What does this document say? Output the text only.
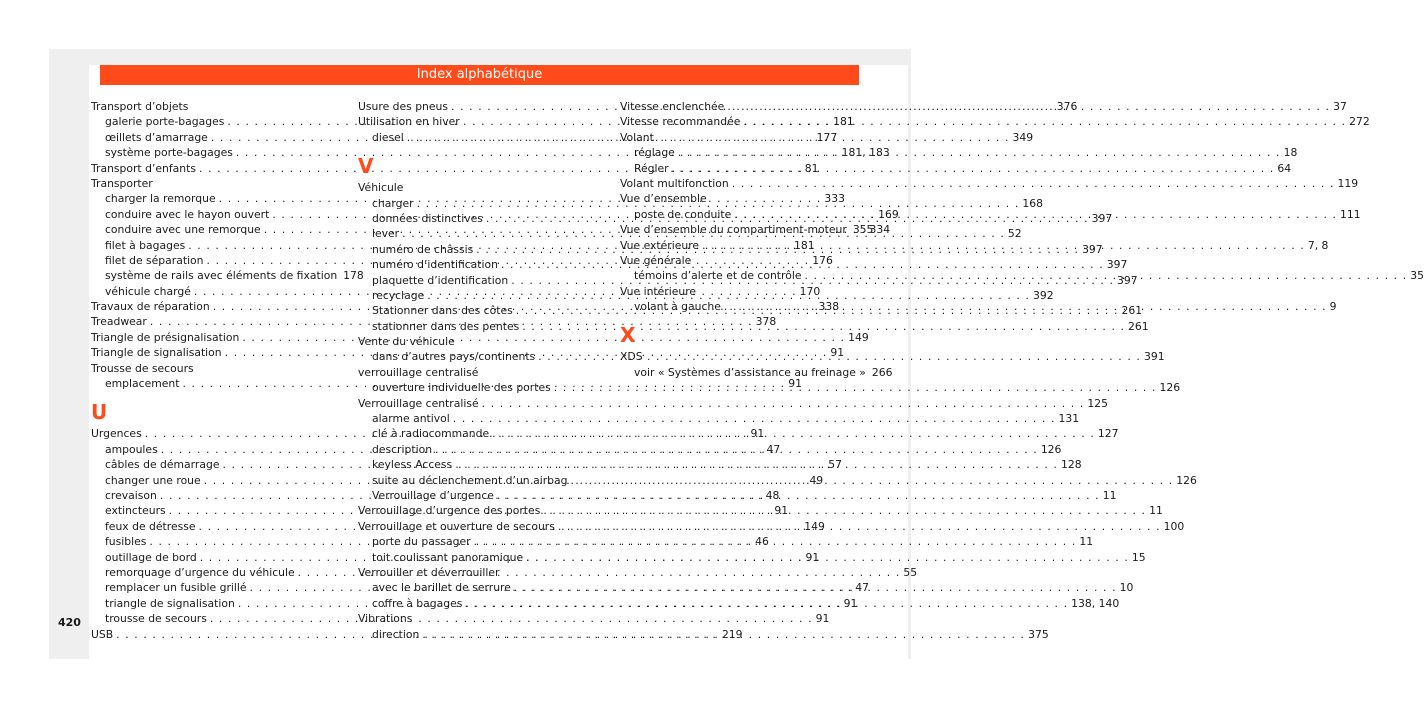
Index alphabétique
Transport d’objets
galerie porte-bagages . . .	181
œillets d’amarrage . . .	177
système porte-bagages . . .	181, 183
Transport d’enfants . . .	81
Transporter
charger la remorque . . .	333
conduire avec le hayon ouvert . . .	169
conduire avec une remorque . . .	334
filet à bagages . . .	181
filet de séparation . . .	176
système de rails avec éléments de fixation 178
véhicule chargé . . .	170
Travaux de réparation . . .	338
Treadwear . . .	378
Triangle de présignalisation . . .	149
Triangle de signalisation . . .	91
Trousse de secours
emplacement . . .	91
U
Urgences . . .	91
ampoules . . .	47
câbles de démarrage . . .	57
changer une roue . . .	49
crevaison . . .	48
extincteurs . . .	91
feux de détresse . . .	149
fusibles . . .	46
outillage de bord . . .	91
remorquage d’urgence du véhicule . . .	55
remplacer un fusible grillé . . .	47
triangle de signalisation . . .	91
trousse de secours . . .	91
USB . . .	219
Usure des pneus . . .	376
Utilisation en hiver
diesel . . .	349
V
Véhicule
charger . . .	168
données distinctives . . .	397
lever . . .	52
numéro de châssis . . .	397
numéro d’identification . . .	397
plaquette d’identification . . .	397
recyclage . . .	392
Stationner dans des côtes . . .	261
stationner dans des pentes . . .	261
Vente du véhicule
dans d’autres pays/continents . . .	391
verrouillage centralisé
ouverture individuelle des portes . . .	126
Verrouillage centralisé . . .	125
alarme antivol . . .	131
clé à radiocommande . . .	127
description . . .	126
keyless Access . . .	128
suite au déclenchement d’un airbag . . .	126
Verrouillage d’urgence . . .	11
Verrouillage d’urgence des portes . . .	11
Verrouillage et ouverture de secours . . .	100
porte du passager . . .	11
toit coulissant panoramique . . .	15
Verrouiller et déverrouiller
avec le barillet de serrure . . .	10
coffre à bagages . . .	138, 140
Vibrations
direction . . .	375
Vitesse enclenchée . . .	37
Vitesse recommandée . . .	272
Volant
réglage . . .	18
Régler . . .	64
Volant multifonction . . .	119
Vue d’ensemble
poste de conduite . . .	111
Vue d’ensemble du compartiment-moteur 355
Vue extérieure . . .	7, 8
Vue générale
témoins d’alerte et de contrôle . . .	35
Vue intérieure
volant à gauche . . .	9
X
XDS
voir « Systèmes d’assistance au freinage » 266
420
